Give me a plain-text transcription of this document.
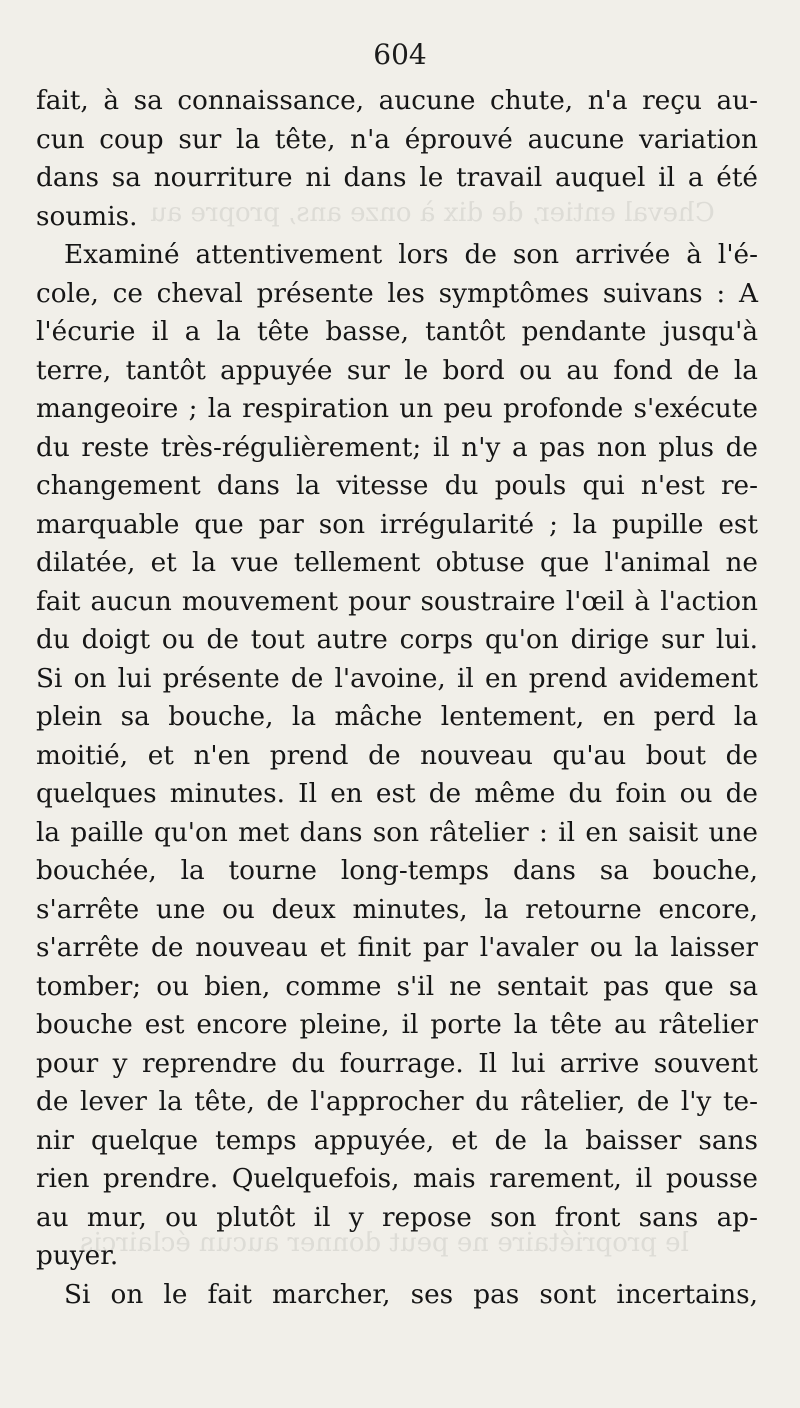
Cheval entier, de dix à onze ans, propre au
le propriétaire ne peut donner aucun éclaircis
604
fait, à sa connaissance, aucune chute, n'a reçu au-
cun coup sur la tête, n'a éprouvé aucune variation
dans sa nourriture ni dans le travail auquel il a été
soumis.
Examiné attentivement lors de son arrivée à l'é-
cole, ce cheval présente les symptômes suivans : A
l'écurie il a la tête basse, tantôt pendante jusqu'à
terre, tantôt appuyée sur le bord ou au fond de la
mangeoire ; la respiration un peu profonde s'exécute
du reste très-régulièrement; il n'y a pas non plus de
changement dans la vitesse du pouls qui n'est re-
marquable que par son irrégularité ; la pupille est
dilatée, et la vue tellement obtuse que l'animal ne
fait aucun mouvement pour soustraire l'œil à l'action
du doigt ou de tout autre corps qu'on dirige sur lui.
Si on lui présente de l'avoine, il en prend avidement
plein sa bouche, la mâche lentement, en perd la
moitié, et n'en prend de nouveau qu'au bout de
quelques minutes. Il en est de même du foin ou de
la paille qu'on met dans son râtelier : il en saisit une
bouchée, la tourne long-temps dans sa bouche,
s'arrête une ou deux minutes, la retourne encore,
s'arrête de nouveau et finit par l'avaler ou la laisser
tomber; ou bien, comme s'il ne sentait pas que sa
bouche est encore pleine, il porte la tête au râtelier
pour y reprendre du fourrage. Il lui arrive souvent
de lever la tête, de l'approcher du râtelier, de l'y te-
nir quelque temps appuyée, et de la baisser sans
rien prendre. Quelquefois, mais rarement, il pousse
au mur, ou plutôt il y repose son front sans ap-
puyer.
Si on le fait marcher, ses pas sont incertains,
